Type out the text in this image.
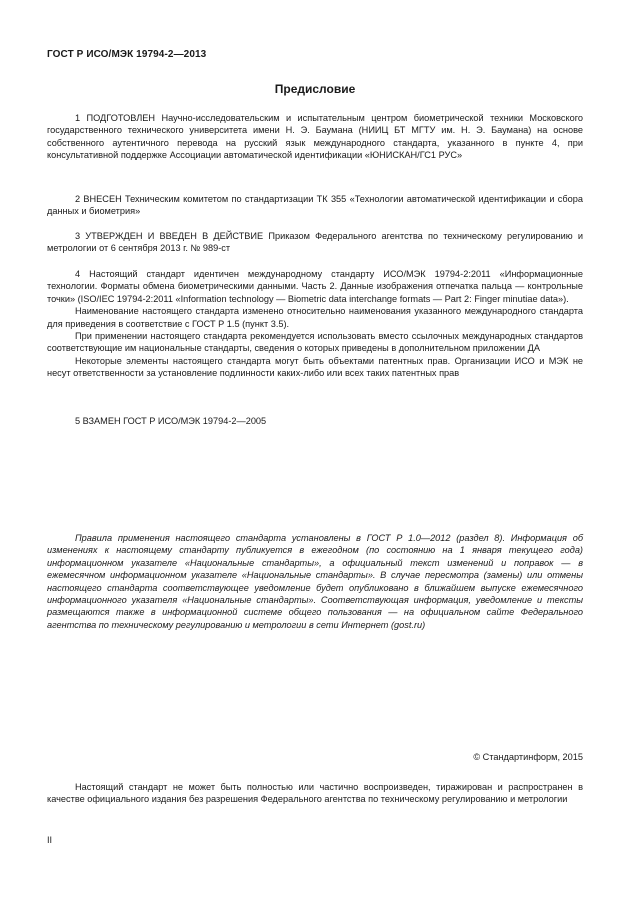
ГОСТ Р ИСО/МЭК 19794-2—2013
Предисловие

1 ПОДГОТОВЛЕН Научно-исследовательским и испытательным центром биометрической техники Московского государственного технического университета имени Н. Э. Баумана (НИИЦ БТ МГТУ им. Н. Э. Баумана) на основе собственного аутентичного перевода на русский язык международного стандарта, указанного в пункте 4, при консультативной поддержке Ассоциации автоматической идентификации «ЮНИСКАН/ГС1 РУС»

2 ВНЕСЕН Техническим комитетом по стандартизации ТК 355 «Технологии автоматической идентификации и сбора данных и биометрия»

3 УТВЕРЖДЕН И ВВЕДЕН В ДЕЙСТВИЕ Приказом Федерального агентства по техническому регулированию и метрологии от 6 сентября 2013 г. № 989-ст

4 Настоящий стандарт идентичен международному стандарту ИСО/МЭК 19794-2:2011 «Информационные технологии. Форматы обмена биометрическими данными. Часть 2. Данные изображения отпечатка пальца — контрольные точки» (ISO/IEC 19794-2:2011 «Information technology — Biometric data interchange formats — Part 2: Finger minutiae data»).

Наименование настоящего стандарта изменено относительно наименования указанного международного стандарта для приведения в соответствие с ГОСТ Р 1.5 (пункт 3.5).

При применении настоящего стандарта рекомендуется использовать вместо ссылочных международных стандартов соответствующие им национальные стандарты, сведения о которых приведены в дополнительном приложении ДА

Некоторые элементы настоящего стандарта могут быть объектами патентных прав. Организации ИСО и МЭК не несут ответственности за установление подлинности каких-либо или всех таких патентных прав

5 ВЗАМЕН ГОСТ Р ИСО/МЭК 19794-2—2005

Правила применения настоящего стандарта установлены в ГОСТ Р 1.0—2012 (раздел 8). Информация об изменениях к настоящему стандарту публикуется в ежегодном (по состоянию на 1 января текущего года) информационном указателе «Национальные стандарты», а официальный текст изменений и поправок — в ежемесячном информационном указателе «Национальные стандарты». В случае пересмотра (замены) или отмены настоящего стандарта соответствующее уведомление будет опубликовано в ближайшем выпуске ежемесячного информационного указателя «Национальные стандарты». Соответствующая информация, уведомление и тексты размещаются также в информационной системе общего пользования — на официальном сайте Федерального агентства по техническому регулированию и метрологии в сети Интернет (gost.ru)

© Стандартинформ, 2015

Настоящий стандарт не может быть полностью или частично воспроизведен, тиражирован и распространен в качестве официального издания без разрешения Федерального агентства по техническому регулированию и метрологии

II
